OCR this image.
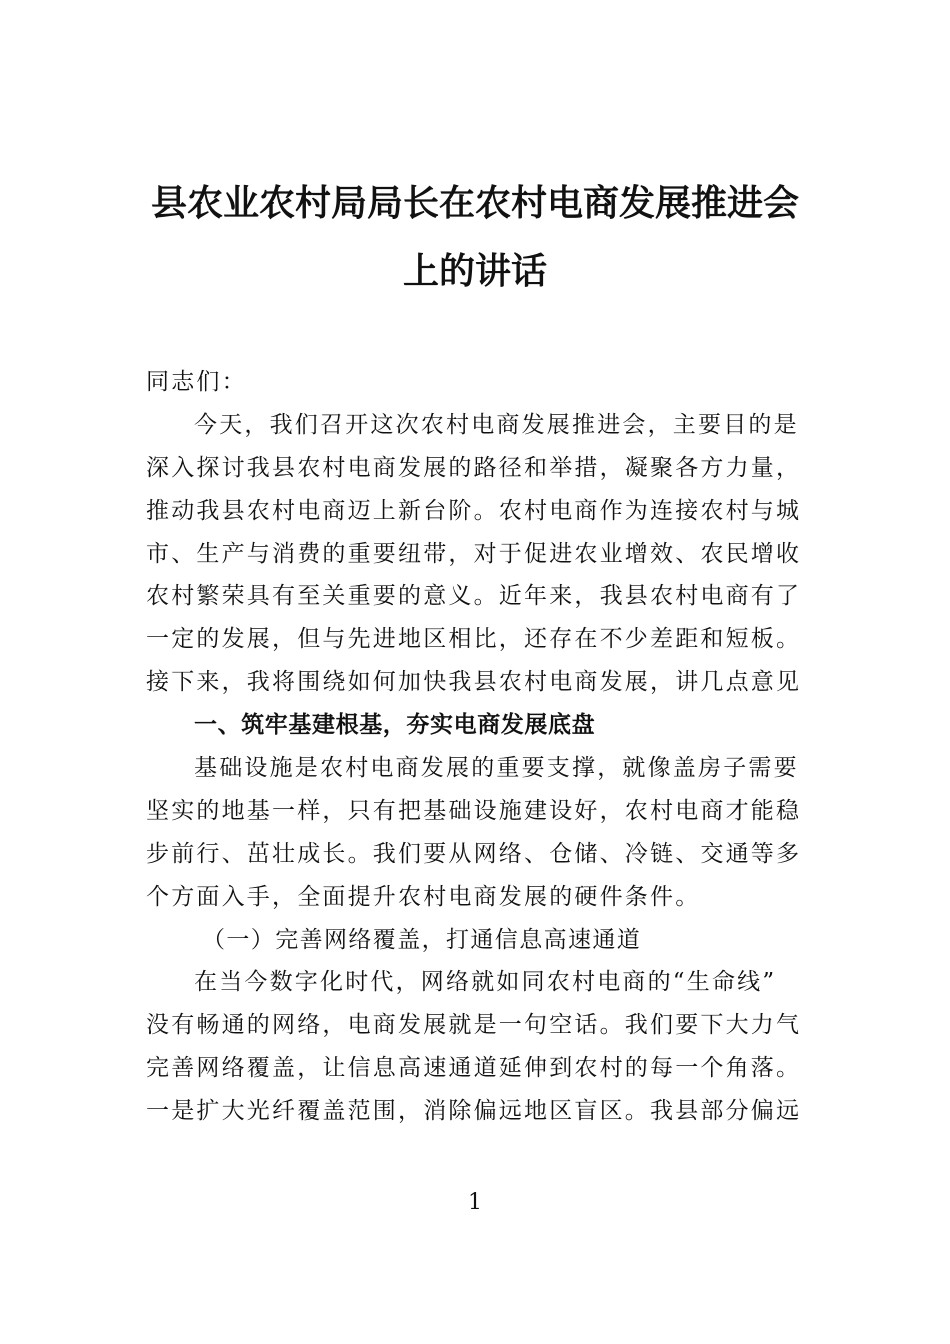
县农业农村局局长在农村电商发展推进会
上的讲话
同志们：
今天，我们召开这次农村电商发展推进会，主要目的是
深入探讨我县农村电商发展的路径和举措，凝聚各方力量，
推动我县农村电商迈上新台阶。农村电商作为连接农村与城
市、生产与消费的重要纽带，对于促进农业增效、农民增收
农村繁荣具有至关重要的意义。近年来，我县农村电商有了
一定的发展，但与先进地区相比，还存在不少差距和短板。
接下来，我将围绕如何加快我县农村电商发展，讲几点意见
一、筑牢基建根基，夯实电商发展底盘
基础设施是农村电商发展的重要支撑，就像盖房子需要
坚实的地基一样，只有把基础设施建设好，农村电商才能稳
步前行、茁壮成长。我们要从网络、仓储、冷链、交通等多
个方面入手，全面提升农村电商发展的硬件条件。
（一）完善网络覆盖，打通信息高速通道
在当今数字化时代，网络就如同农村电商的“生命线”
没有畅通的网络，电商发展就是一句空话。我们要下大力气
完善网络覆盖，让信息高速通道延伸到农村的每一个角落。
一是扩大光纤覆盖范围，消除偏远地区盲区。我县部分偏远
1
